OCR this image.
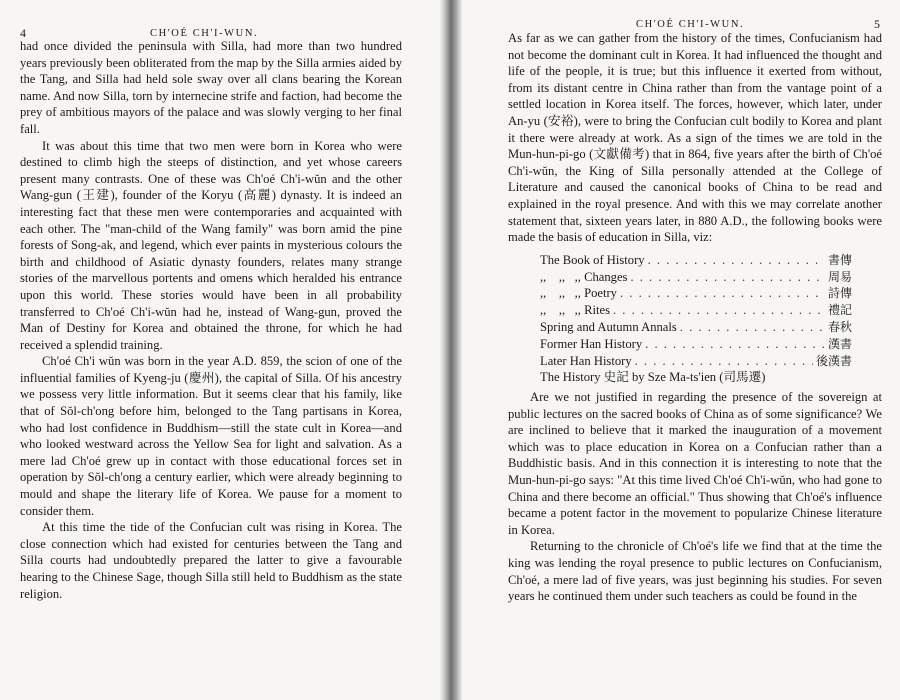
4	CH'OÉ CH'I-WUN.

had once divided the peninsula with Silla, had more than two hundred years previously been obliterated from the map by the Silla armies aided by the Tang, and Silla had held sole sway over all clans bearing the Korean name. And now Silla, torn by internecine strife and faction, had become the prey of ambitious mayors of the palace and was slowly verging to her final fall.

It was about this time that two men were born in Korea who were destined to climb high the steeps of distinction, and yet whose careers present many contrasts. One of these was Ch'oé Ch'i-wŭn and the other Wang-gun (王建), founder of the Koryu (高麗) dynasty. It is indeed an interesting fact that these men were contemporaries and acquainted with each other. The "man-child of the Wang family" was born amid the pine forests of Song-ak, and legend, which ever paints in mysterious colours the birth and childhood of Asiatic dynasty founders, relates many strange stories of the marvellous portents and omens which heralded his entrance upon this world. These stories would have been in all probability transferred to Ch'oé Ch'i-wŭn had he, instead of Wang-gun, proved the Man of Destiny for Korea and obtained the throne, for which he had received a splendid training.

Ch'oé Ch'i wŭn was born in the year A.D. 859, the scion of one of the influential families of Kyeng-ju (慶州), the capital of Silla. Of his ancestry we possess very little information. But it seems clear that his family, like that of Sŏl-ch'ong before him, belonged to the Tang partisans in Korea, who had lost confidence in Buddhism—still the state cult in Korea—and who looked westward across the Yellow Sea for light and salvation. As a mere lad Ch'oé grew up in contact with those educational forces set in operation by Sŏl-ch'ong a century earlier, which were already beginning to mould and shape the literary life of Korea. We pause for a moment to consider them.

At this time the tide of the Confucian cult was rising in Korea. The close connection which had existed for centuries between the Tang and Silla courts had undoubtedly prepared the latter to give a favourable hearing to the Chinese Sage, though Silla still held to Buddhism as the state religion.

CH'OÉ CH'I-WUN.	5

As far as we can gather from the history of the times, Confucianism had not become the dominant cult in Korea. It had influenced the thought and life of the people, it is true; but this influence it exerted from without, from its distant centre in China rather than from the vantage point of a settled location in Korea itself. The forces, however, which later, under An-yu (安裕), were to bring the Confucian cult bodily to Korea and plant it there were already at work. As a sign of the times we are told in the Mun-hun-pi-go (文獻備考) that in 864, five years after the birth of Ch'oé Ch'i-wŭn, the King of Silla personally attended at the College of Literature and caused the canonical books of China to be read and explained in the royal presence. And with this we may correlate another statement that, sixteen years later, in 880 A.D., the following books were made the basis of education in Silla, viz:

The Book of History . . .	書傳
,,    ,,   ,, Changes . . .	周易
,,    ,,   ,, Poetry . . .	詩傳
,,    ,,   ,, Rites . . .	禮記
Spring and Autumn Annals . . .	春秋
Former Han History . . .	漢書
Later Han History . . .	後漢書
The History 史記 by Sze Ma-ts'ien (司馬遷)

Are we not justified in regarding the presence of the sovereign at public lectures on the sacred books of China as of some significance? We are inclined to believe that it marked the inauguration of a movement which was to place education in Korea on a Confucian rather than a Buddhistic basis. And in this connection it is interesting to note that the Mun-hun-pi-go says: "At this time lived Ch'oé Ch'i-wŭn, who had gone to China and there become an official." Thus showing that Ch'oé's influence became a potent factor in the movement to popularize Chinese literature in Korea.

Returning to the chronicle of Ch'oé's life we find that at the time the king was lending the royal presence to public lectures on Confucianism, Ch'oé, a mere lad of five years, was just beginning his studies. For seven years he continued them under such teachers as could be found in the
